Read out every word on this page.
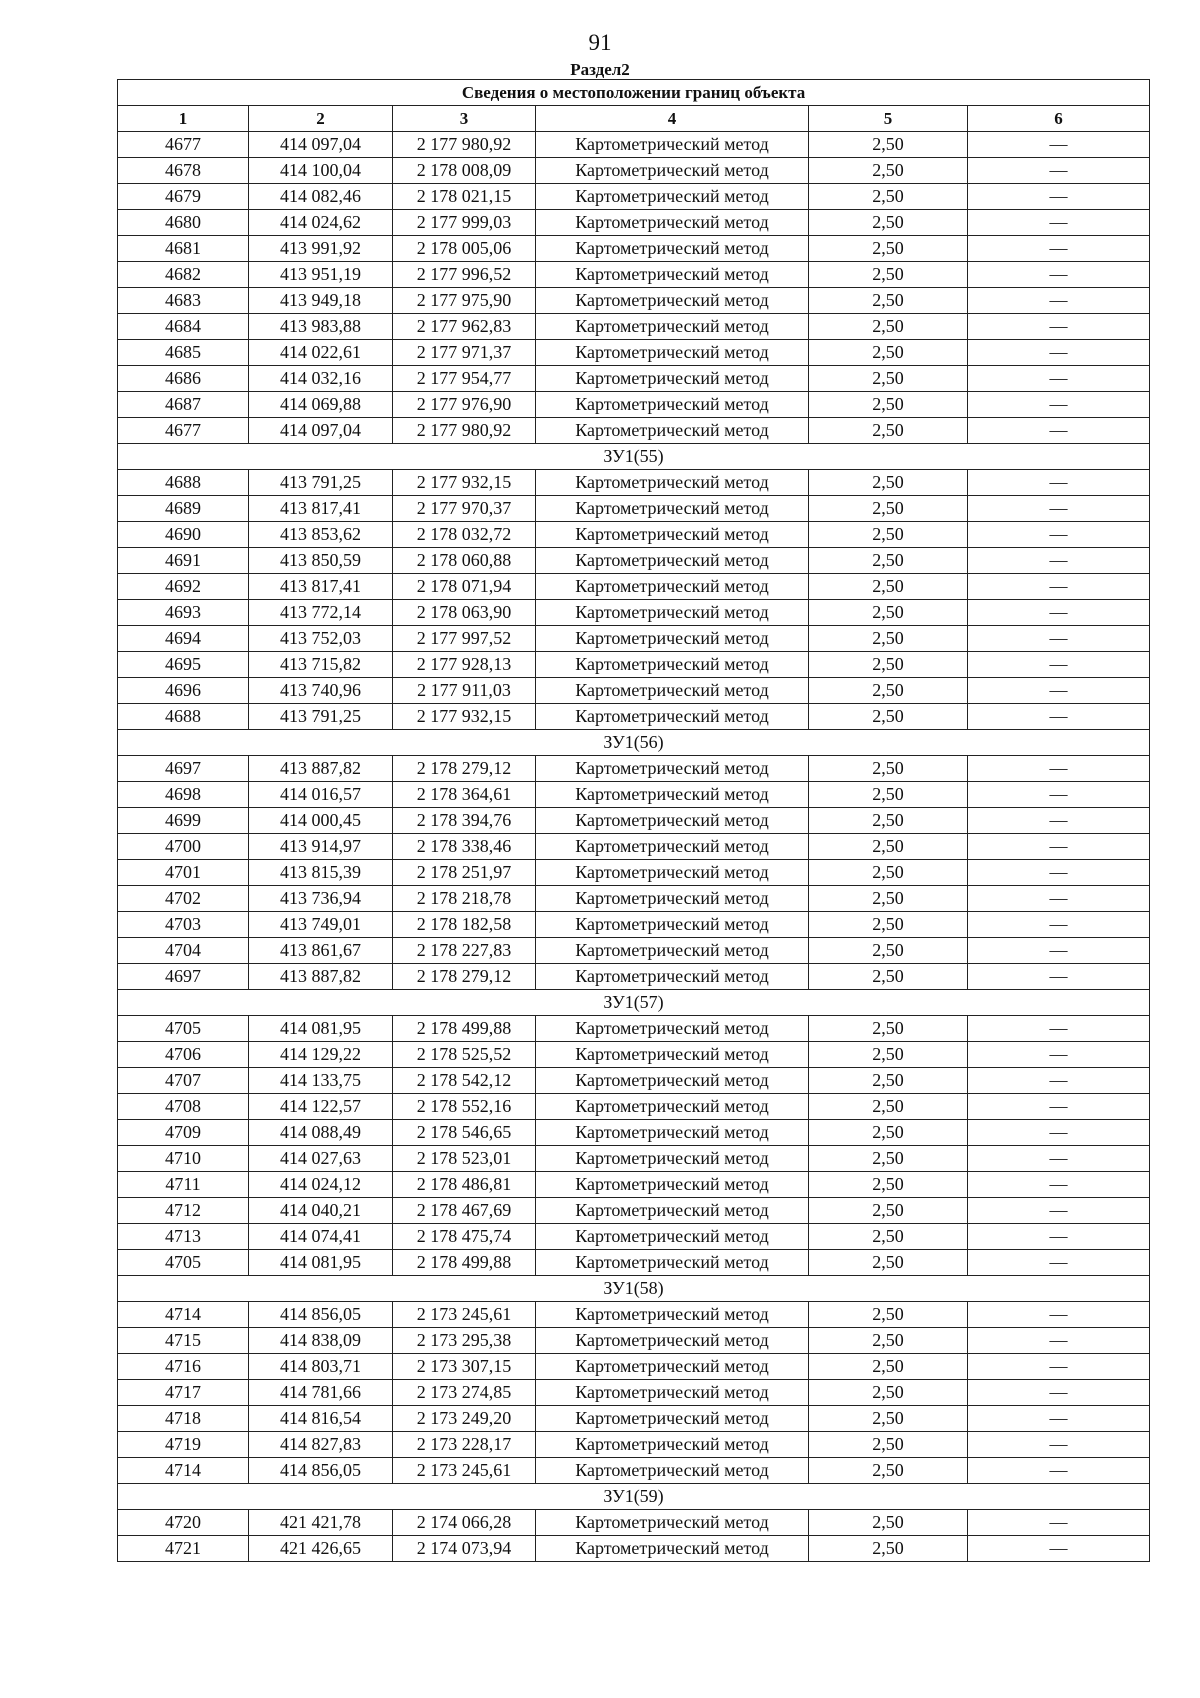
91
Раздел2
Сведения о местоположении границ объекта					
1	2	3	4	5	6
4677	414 097,04	2 177 980,92	Картометрический метод	2,50	—
4678	414 100,04	2 178 008,09	Картометрический метод	2,50	—
4679	414 082,46	2 178 021,15	Картометрический метод	2,50	—
4680	414 024,62	2 177 999,03	Картометрический метод	2,50	—
4681	413 991,92	2 178 005,06	Картометрический метод	2,50	—
4682	413 951,19	2 177 996,52	Картометрический метод	2,50	—
4683	413 949,18	2 177 975,90	Картометрический метод	2,50	—
4684	413 983,88	2 177 962,83	Картометрический метод	2,50	—
4685	414 022,61	2 177 971,37	Картометрический метод	2,50	—
4686	414 032,16	2 177 954,77	Картометрический метод	2,50	—
4687	414 069,88	2 177 976,90	Картометрический метод	2,50	—
4677	414 097,04	2 177 980,92	Картометрический метод	2,50	—
ЗУ1(55)					
4688	413 791,25	2 177 932,15	Картометрический метод	2,50	—
4689	413 817,41	2 177 970,37	Картометрический метод	2,50	—
4690	413 853,62	2 178 032,72	Картометрический метод	2,50	—
4691	413 850,59	2 178 060,88	Картометрический метод	2,50	—
4692	413 817,41	2 178 071,94	Картометрический метод	2,50	—
4693	413 772,14	2 178 063,90	Картометрический метод	2,50	—
4694	413 752,03	2 177 997,52	Картометрический метод	2,50	—
4695	413 715,82	2 177 928,13	Картометрический метод	2,50	—
4696	413 740,96	2 177 911,03	Картометрический метод	2,50	—
4688	413 791,25	2 177 932,15	Картометрический метод	2,50	—
ЗУ1(56)					
4697	413 887,82	2 178 279,12	Картометрический метод	2,50	—
4698	414 016,57	2 178 364,61	Картометрический метод	2,50	—
4699	414 000,45	2 178 394,76	Картометрический метод	2,50	—
4700	413 914,97	2 178 338,46	Картометрический метод	2,50	—
4701	413 815,39	2 178 251,97	Картометрический метод	2,50	—
4702	413 736,94	2 178 218,78	Картометрический метод	2,50	—
4703	413 749,01	2 178 182,58	Картометрический метод	2,50	—
4704	413 861,67	2 178 227,83	Картометрический метод	2,50	—
4697	413 887,82	2 178 279,12	Картометрический метод	2,50	—
ЗУ1(57)					
4705	414 081,95	2 178 499,88	Картометрический метод	2,50	—
4706	414 129,22	2 178 525,52	Картометрический метод	2,50	—
4707	414 133,75	2 178 542,12	Картометрический метод	2,50	—
4708	414 122,57	2 178 552,16	Картометрический метод	2,50	—
4709	414 088,49	2 178 546,65	Картометрический метод	2,50	—
4710	414 027,63	2 178 523,01	Картометрический метод	2,50	—
4711	414 024,12	2 178 486,81	Картометрический метод	2,50	—
4712	414 040,21	2 178 467,69	Картометрический метод	2,50	—
4713	414 074,41	2 178 475,74	Картометрический метод	2,50	—
4705	414 081,95	2 178 499,88	Картометрический метод	2,50	—
ЗУ1(58)					
4714	414 856,05	2 173 245,61	Картометрический метод	2,50	—
4715	414 838,09	2 173 295,38	Картометрический метод	2,50	—
4716	414 803,71	2 173 307,15	Картометрический метод	2,50	—
4717	414 781,66	2 173 274,85	Картометрический метод	2,50	—
4718	414 816,54	2 173 249,20	Картометрический метод	2,50	—
4719	414 827,83	2 173 228,17	Картометрический метод	2,50	—
4714	414 856,05	2 173 245,61	Картометрический метод	2,50	—
ЗУ1(59)					
4720	421 421,78	2 174 066,28	Картометрический метод	2,50	—
4721	421 426,65	2 174 073,94	Картометрический метод	2,50	—
